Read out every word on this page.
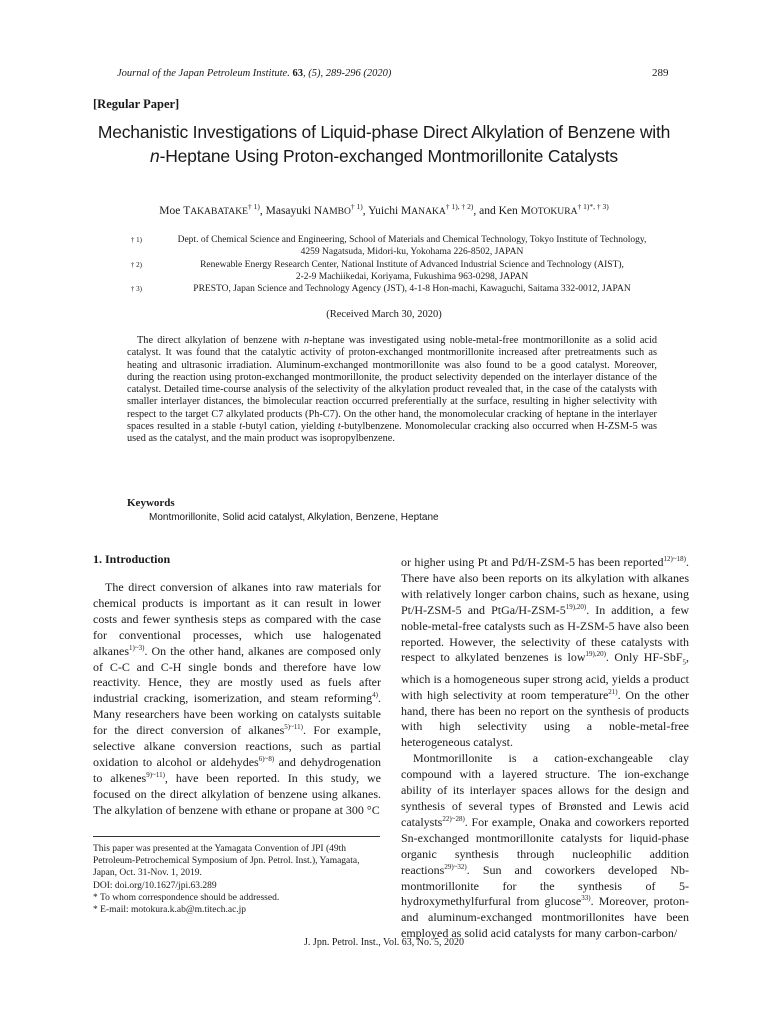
Journal of the Japan Petroleum Institute. 63, (5), 289-296 (2020)	289
[Regular Paper]
Mechanistic Investigations of Liquid-phase Direct Alkylation of Benzene with
n-Heptane Using Proton-exchanged Montmorillonite Catalysts
Moe TAKABATAKE$^{\dagger 1)}$, Masayuki NAMBO$^{\dagger 1)}$, Yuichi $MANAKA^{\dagger 1), \dagger 2)}$, and Ken $MOTOKURA^{\dagger 1)*, \dagger 3)}$
† 1)	Dept. of Chemical Science and Engineering, School of Materials and Chemical Technology, Tokyo Institute of Technology,
4259 Nagatsuda, Midori-ku, Yokohama 226-8502, JAPAN
† 2)	Renewable Energy Research Center, National Institute of Advanced Industrial Science and Technology (AIST),
2-2-9 Machiikedai, Koriyama, Fukushima 963-0298, JAPAN
† 3)	PRESTO, Japan Science and Technology Agency (JST), 4-1-8 Hon-machi, Kawaguchi, Saitama 332-0012, JAPAN
(Received March 30, 2020)
The direct alkylation of benzene with n-heptane was investigated using noble-metal-free montmorillonite as a solid acid catalyst. It was found that the catalytic activity of proton-exchanged montmorillonite increased after pretreatments such as heating and ultrasonic irradiation. Aluminum-exchanged montmorillonite was also found to be a good catalyst. Moreover, during the reaction using proton-exchanged montmorillonite, the product selectivity depended on the interlayer distance of the catalyst. Detailed time-course analysis of the selectivity of the alkylation product revealed that, in the case of the catalysts with smaller interlayer distances, the bimolecular reaction occurred preferentially at the surface, resulting in higher selectivity with respect to the target C7 alkylated products (Ph-C7). On the other hand, the monomolecular cracking of heptane in the interlayer spaces resulted in a stable t-butyl cation, yielding t-butylbenzene. Monomolecular cracking also occurred when H-ZSM-5 was used as the catalyst, and the main product was isopropylbenzene.
Keywords
Montmorillonite, Solid acid catalyst, Alkylation, Benzene, Heptane
1. Introduction

The direct conversion of alkanes into raw materials for chemical products is important as it can result in lower costs and fewer synthesis steps as compared with the case for conventional processes, which use halogenated alkanes$^{1)\sim 3)}$. On the other hand, alkanes are composed only of C-C and C-H single bonds and therefore have low reactivity. Hence, they are mostly used as fuels after industrial cracking, isomerization, and steam reforming$^{4)}$. Many researchers have been working on catalysts suitable for the direct conversion of alkanes$^{5)\sim 11)}$. For example, selective alkane conversion reactions, such as partial oxidation to alcohol or aldehydes$^{6)\sim 8)}$ and dehydrogenation to alkenes$^{9)\sim 11)}$, have been reported. In this study, we focused on the direct alkylation of benzene using alkanes. The alkylation of benzene with ethane or propane at 300 °C

or higher using Pt and Pd/H-ZSM-5 has been reported$^{12)\sim 18)}$. There have also been reports on its alkylation with alkanes with relatively longer carbon chains, such as hexane, using Pt/H-ZSM-5 and PtGa/$H-ZSM-5^{19),20)}$. In addition, a few noble-metal-free catalysts such as H-ZSM-5 have also been reported. However, the selectivity of these catalysts with respect to alkylated benzenes is low$^{19),20)}$. Only HF-SbF$_5$, which is a homogeneous super strong acid, yields a product with high selectivity at room temperature$^{21)}$. On the other hand, there has been no report on the synthesis of products with high selectivity using a noble-metal-free heterogeneous catalyst.

Montmorillonite is a cation-exchangeable clay compound with a layered structure. The ion-exchange ability of its interlayer spaces allows for the design and synthesis of several types of Brønsted and Lewis acid catalysts$^{22)\sim 28)}$. For example, Onaka and coworkers reported Sn-exchanged montmorillonite catalysts for liquid-phase organic synthesis through nucleophilic addition reactions$^{29)\sim 32)}$. Sun and coworkers developed Nb-montmorillonite for the synthesis of 5-hydroxymethylfurfural from glucose$^{33)}$. Moreover, proton- and aluminum-exchanged montmorillonites have been employed as solid acid catalysts for many carbon-carbon/

This paper was presented at the Yamagata Convention of JPI (49th
Petroleum-Petrochemical Symposium of Jpn. Petrol. Inst.), Yamagata,
Japan, Oct. 31-Nov. 1, 2019.
DOI: doi.org/10.1627/jpi.63.289
* To whom correspondence should be addressed.
* E-mail: motokura.k.ab@m.titech.ac.jp
J. Jpn. Petrol. Inst., Vol. 63, No. 5, 2020
